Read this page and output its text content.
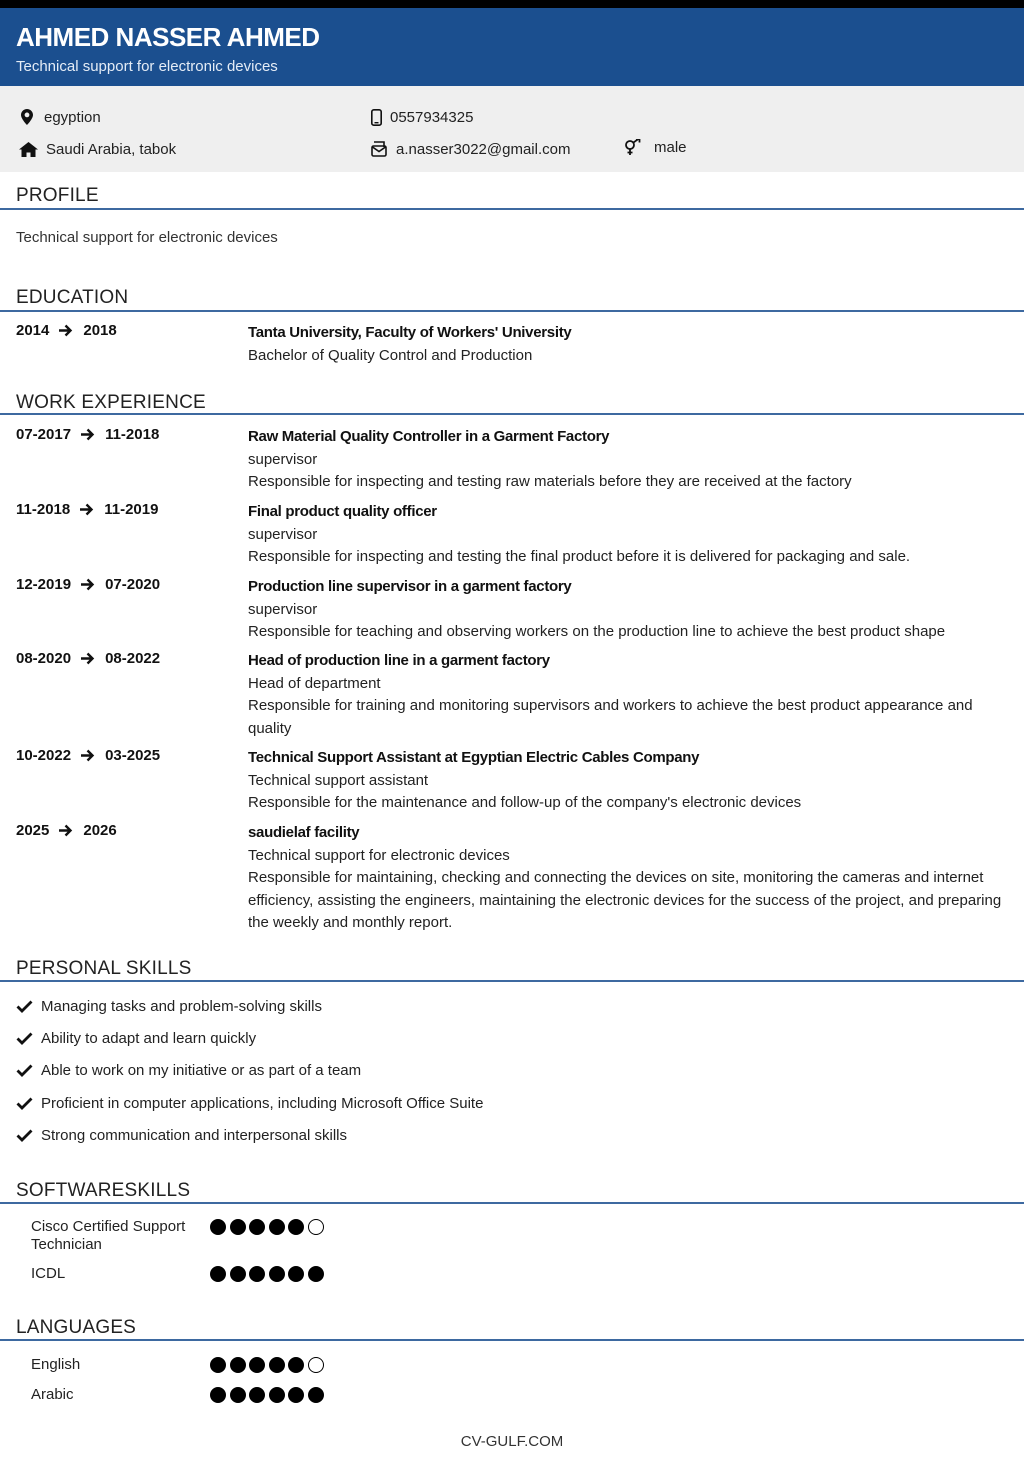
AHMED NASSER AHMED
Technical support for electronic devices
egyption
Saudi Arabia, tabok
0557934325
a.nasser3022@gmail.com	male
PROFILE
Technical support for electronic devices
EDUCATION
2014 2018	Tanta University, Faculty of Workers' University
Bachelor of Quality Control and Production
WORK EXPERIENCE
07-2017 11-2018	Raw Material Quality Controller in a Garment Factory
supervisor
Responsible for inspecting and testing raw materials before they are received at the factory
11-2018 11-2019	Final product quality officer
supervisor
Responsible for inspecting and testing the final product before it is delivered for packaging and sale.
12-2019 07-2020	Production line supervisor in a garment factory
supervisor
Responsible for teaching and observing workers on the production line to achieve the best product shape
08-2020 08-2022	Head of production line in a garment factory
Head of department
Responsible for training and monitoring supervisors and workers to achieve the best product appearance and quality
10-2022 03-2025	Technical Support Assistant at Egyptian Electric Cables Company
Technical support assistant
Responsible for the maintenance and follow-up of the company's electronic devices
2025 2026	saudielaf facility
Technical support for electronic devices
Responsible for maintaining, checking and connecting the devices on site, monitoring the cameras and internet efficiency, assisting the engineers, maintaining the electronic devices for the success of the project, and preparing the weekly and monthly report.
PERSONAL SKILLS
Managing tasks and problem-solving skills
Ability to adapt and learn quickly
Able to work on my initiative or as part of a team
Proficient in computer applications, including Microsoft Office Suite
Strong communication and interpersonal skills
SOFTWARESKILLS
Cisco Certified Support Technician
ICDL
LANGUAGES
English
Arabic
CV-GULF.COM
